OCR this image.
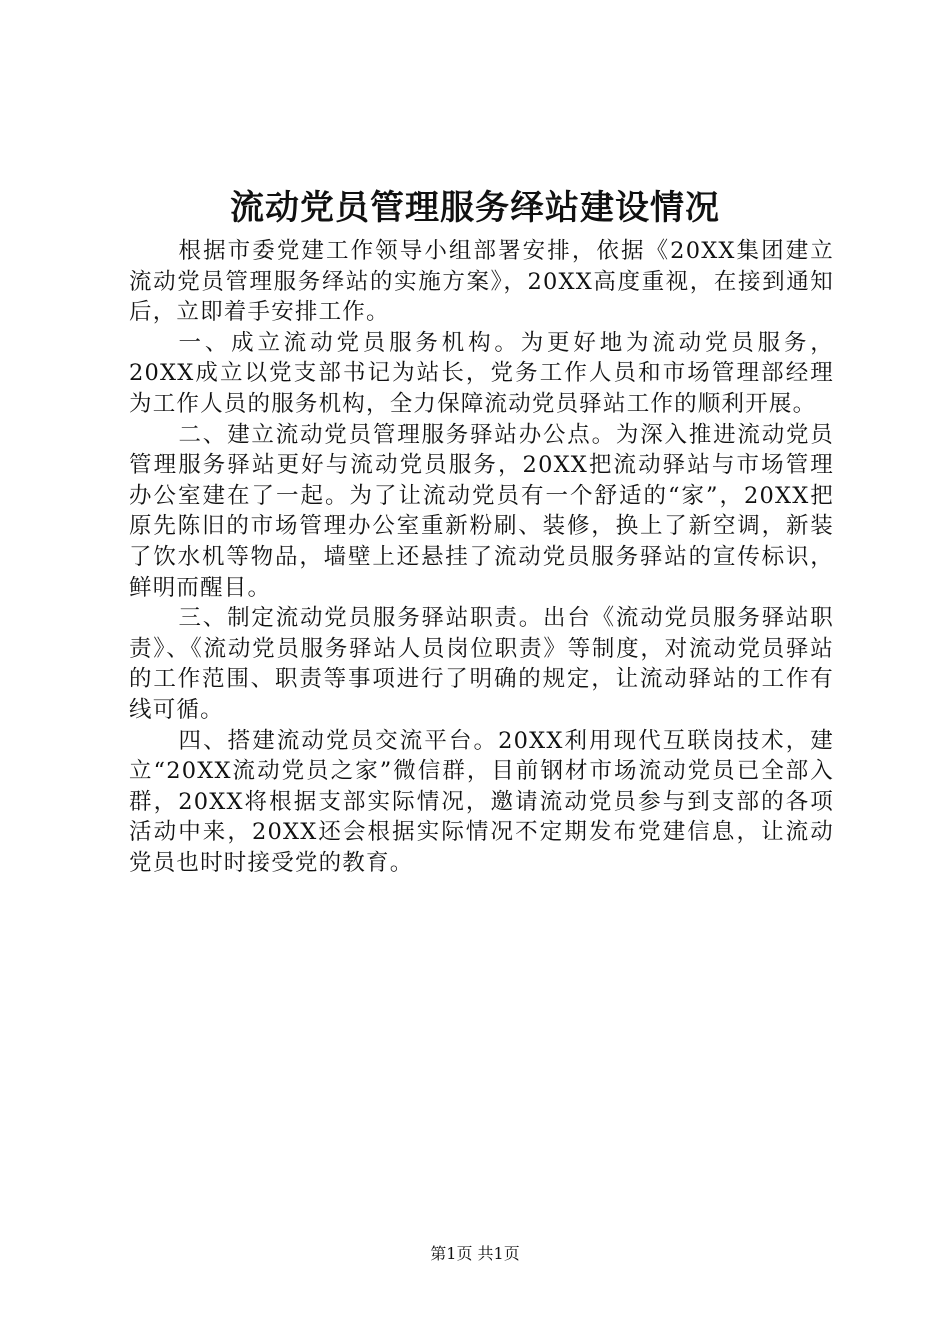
流动党员管理服务绎站建设情况

根据市委党建工作领导小组部署安排，依据《20XX集团建立流动党员管理服务绎站的实施方案》，20XX高度重视，在接到通知后，立即着手安排工作。

一、成立流动党员服务机构。为更好地为流动党员服务，20XX成立以党支部书记为站长，党务工作人员和市场管理部经理为工作人员的服务机构，全力保障流动党员驿站工作的顺利开展。

二、建立流动党员管理服务驿站办公点。为深入推进流动党员管理服务驿站更好与流动党员服务，20XX把流动驿站与市场管理办公室建在了一起。为了让流动党员有一个舒适的“家”，20XX把原先陈旧的市场管理办公室重新粉刷、装修，换上了新空调，新装了饮水机等物品，墙壁上还悬挂了流动党员服务驿站的宣传标识，鲜明而醒目。

三、制定流动党员服务驿站职责。出台《流动党员服务驿站职责》、《流动党员服务驿站人员岗位职责》等制度，对流动党员驿站的工作范围、职责等事项进行了明确的规定，让流动驿站的工作有线可循。

四、搭建流动党员交流平台。20XX利用现代互联岗技术，建立“20XX流动党员之家”微信群，目前钢材市场流动党员已全部入群，20XX将根据支部实际情况，邀请流动党员参与到支部的各项活动中来，20XX还会根据实际情况不定期发布党建信息，让流动党员也时时接受党的教育。

第1页 共1页
